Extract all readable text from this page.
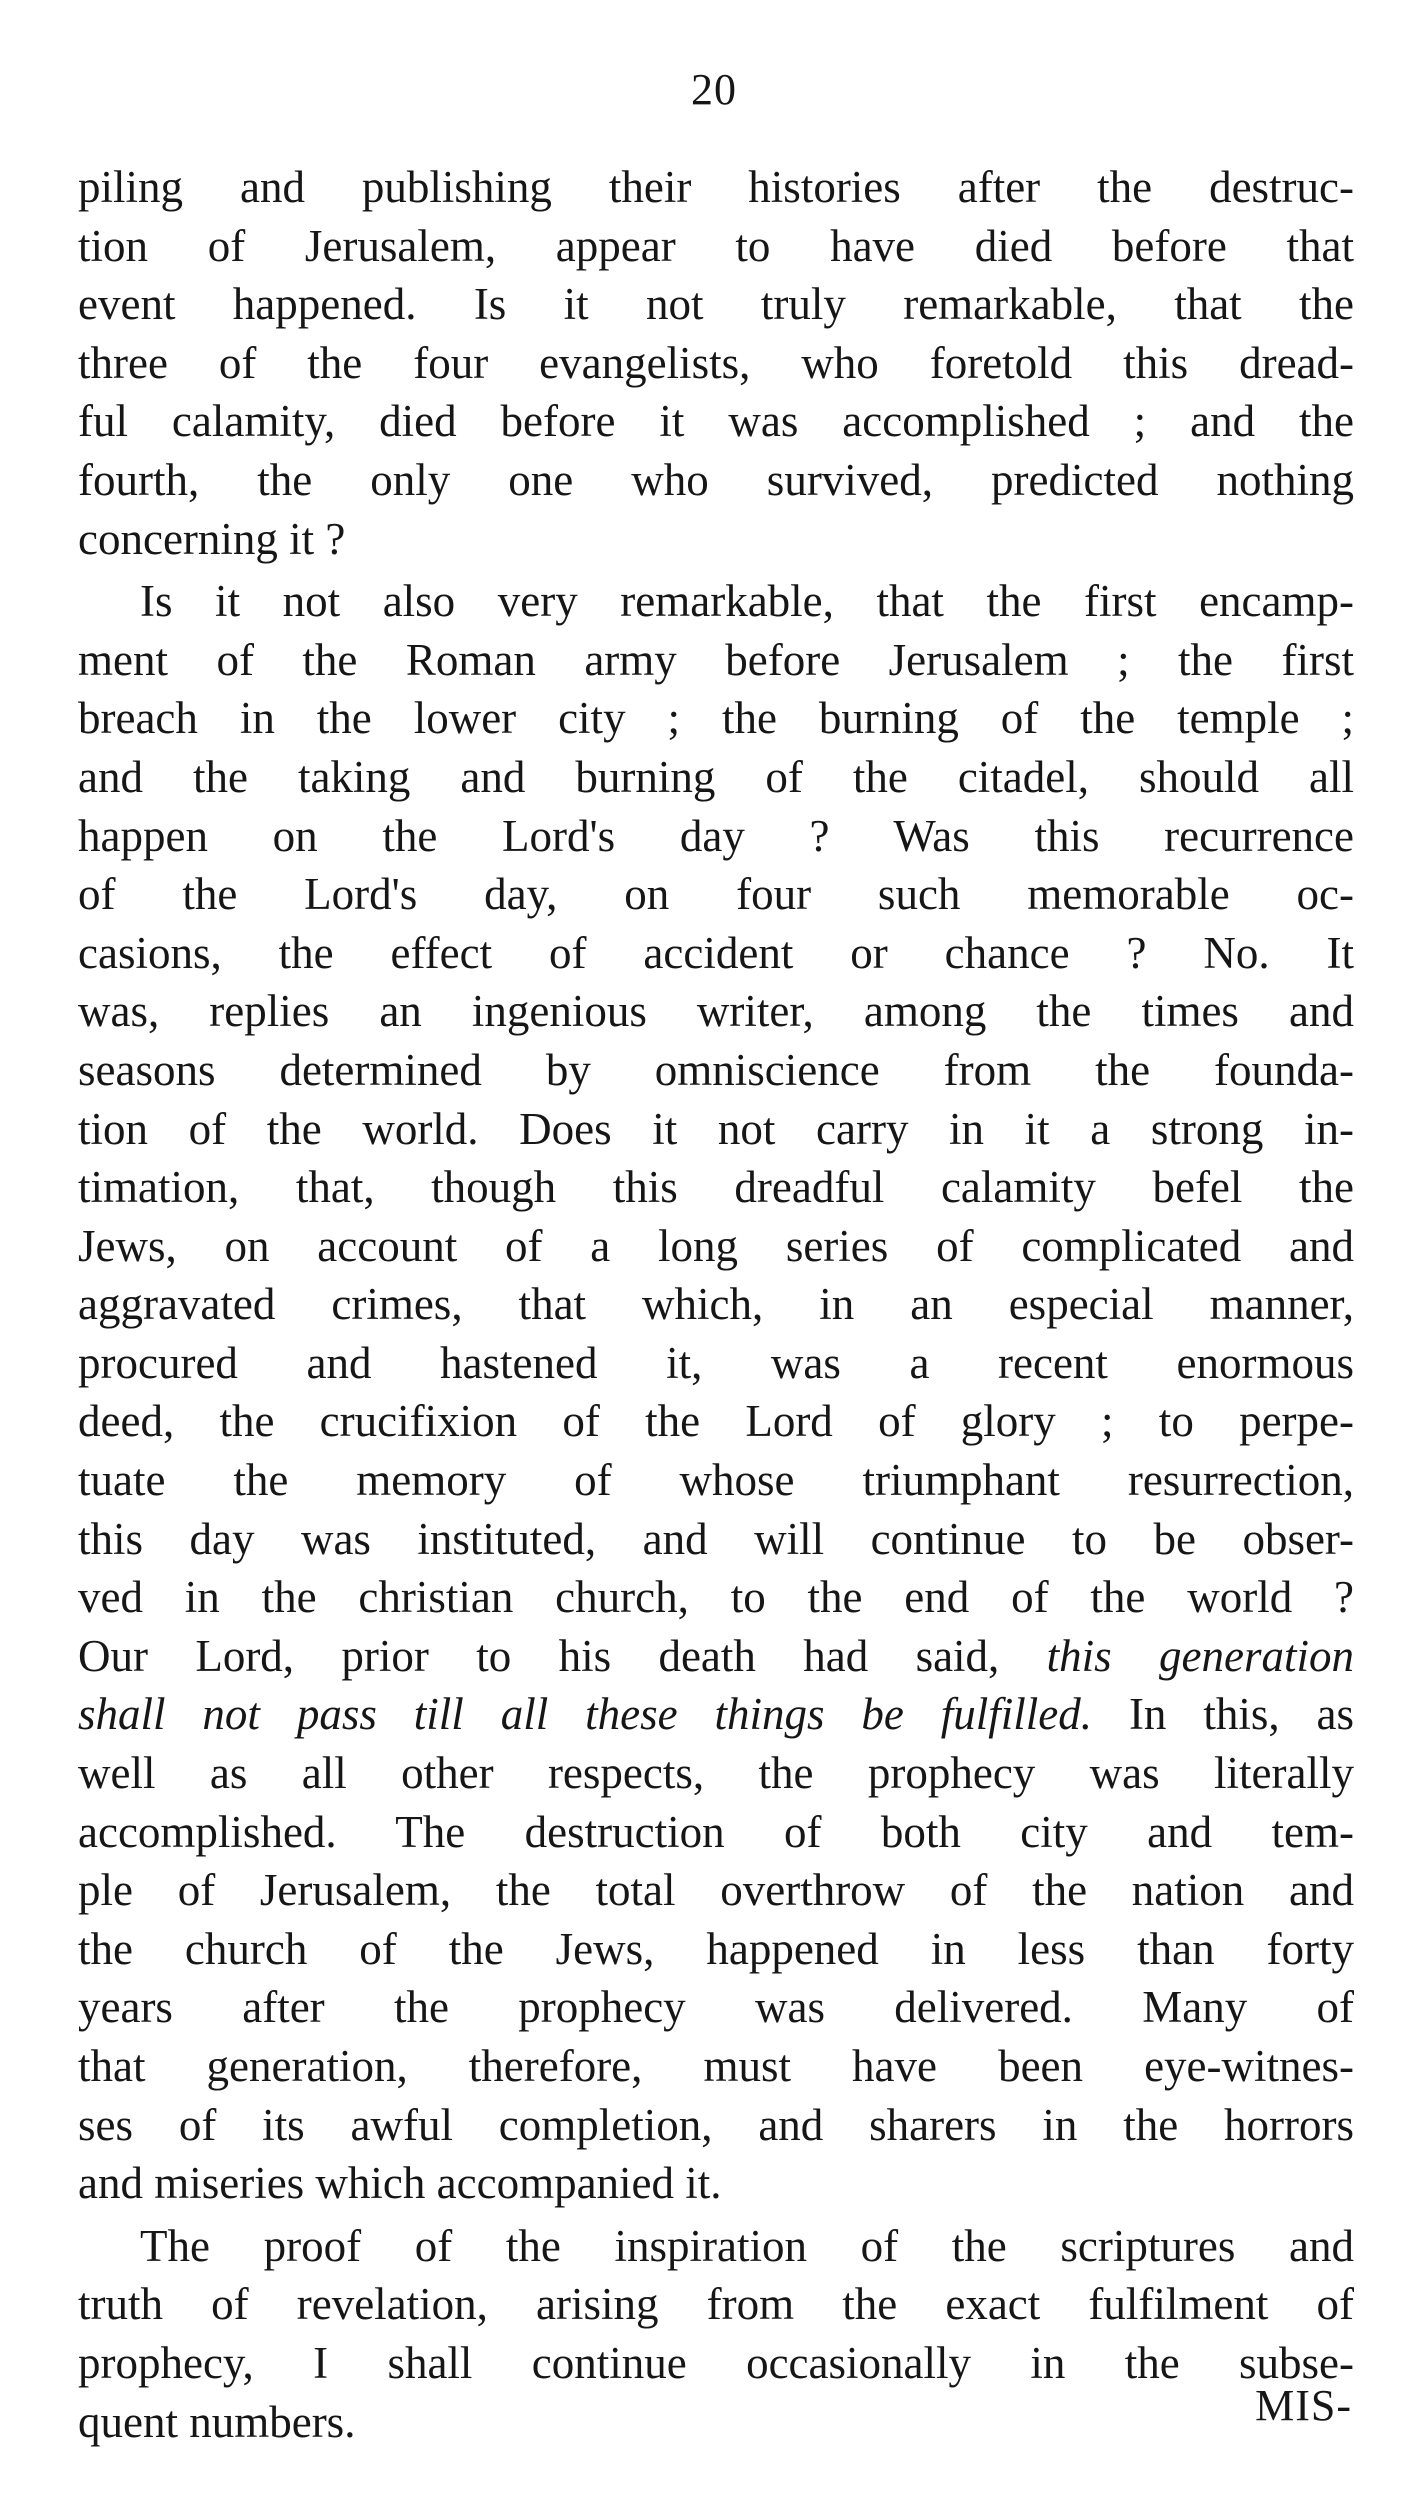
20

piling and publishing their histories after the destruc-
tion of Jerusalem, appear to have died before that
event happened. Is it not truly remarkable, that the
three of the four evangelists, who foretold this dread-
ful calamity, died before it was accomplished ; and the
fourth, the only one who survived, predicted nothing
concerning it ?

Is it not also very remarkable, that the first encamp-
ment of the Roman army before Jerusalem ; the first
breach in the lower city ; the burning of the temple ;
and the taking and burning of the citadel, should all
happen on the Lord's day ? Was this recurrence
of the Lord's day, on four such memorable oc-
casions, the effect of accident or chance ? No. It
was, replies an ingenious writer, among the times and
seasons determined by omniscience from the founda-
tion of the world. Does it not carry in it a strong in-
timation, that, though this dreadful calamity befel the
Jews, on account of a long series of complicated and
aggravated crimes, that which, in an especial manner,
procured and hastened it, was a recent enormous
deed, the crucifixion of the Lord of glory ; to perpe-
tuate the memory of whose triumphant resurrection,
this day was instituted, and will continue to be obser-
ved in the christian church, to the end of the world ?
Our Lord, prior to his death had said, this generation
shall not pass till all these things be fulfilled. In this, as
well as all other respects, the prophecy was literally
accomplished. The destruction of both city and tem-
ple of Jerusalem, the total overthrow of the nation and
the church of the Jews, happened in less than forty
years after the prophecy was delivered. Many of
that generation, therefore, must have been eye-witnes-
ses of its awful completion, and sharers in the horrors
and miseries which accompanied it.

The proof of the inspiration of the scriptures and
truth of revelation, arising from the exact fulfilment of
prophecy, I shall continue occasionally in the subse-
quent numbers.	MIS-
